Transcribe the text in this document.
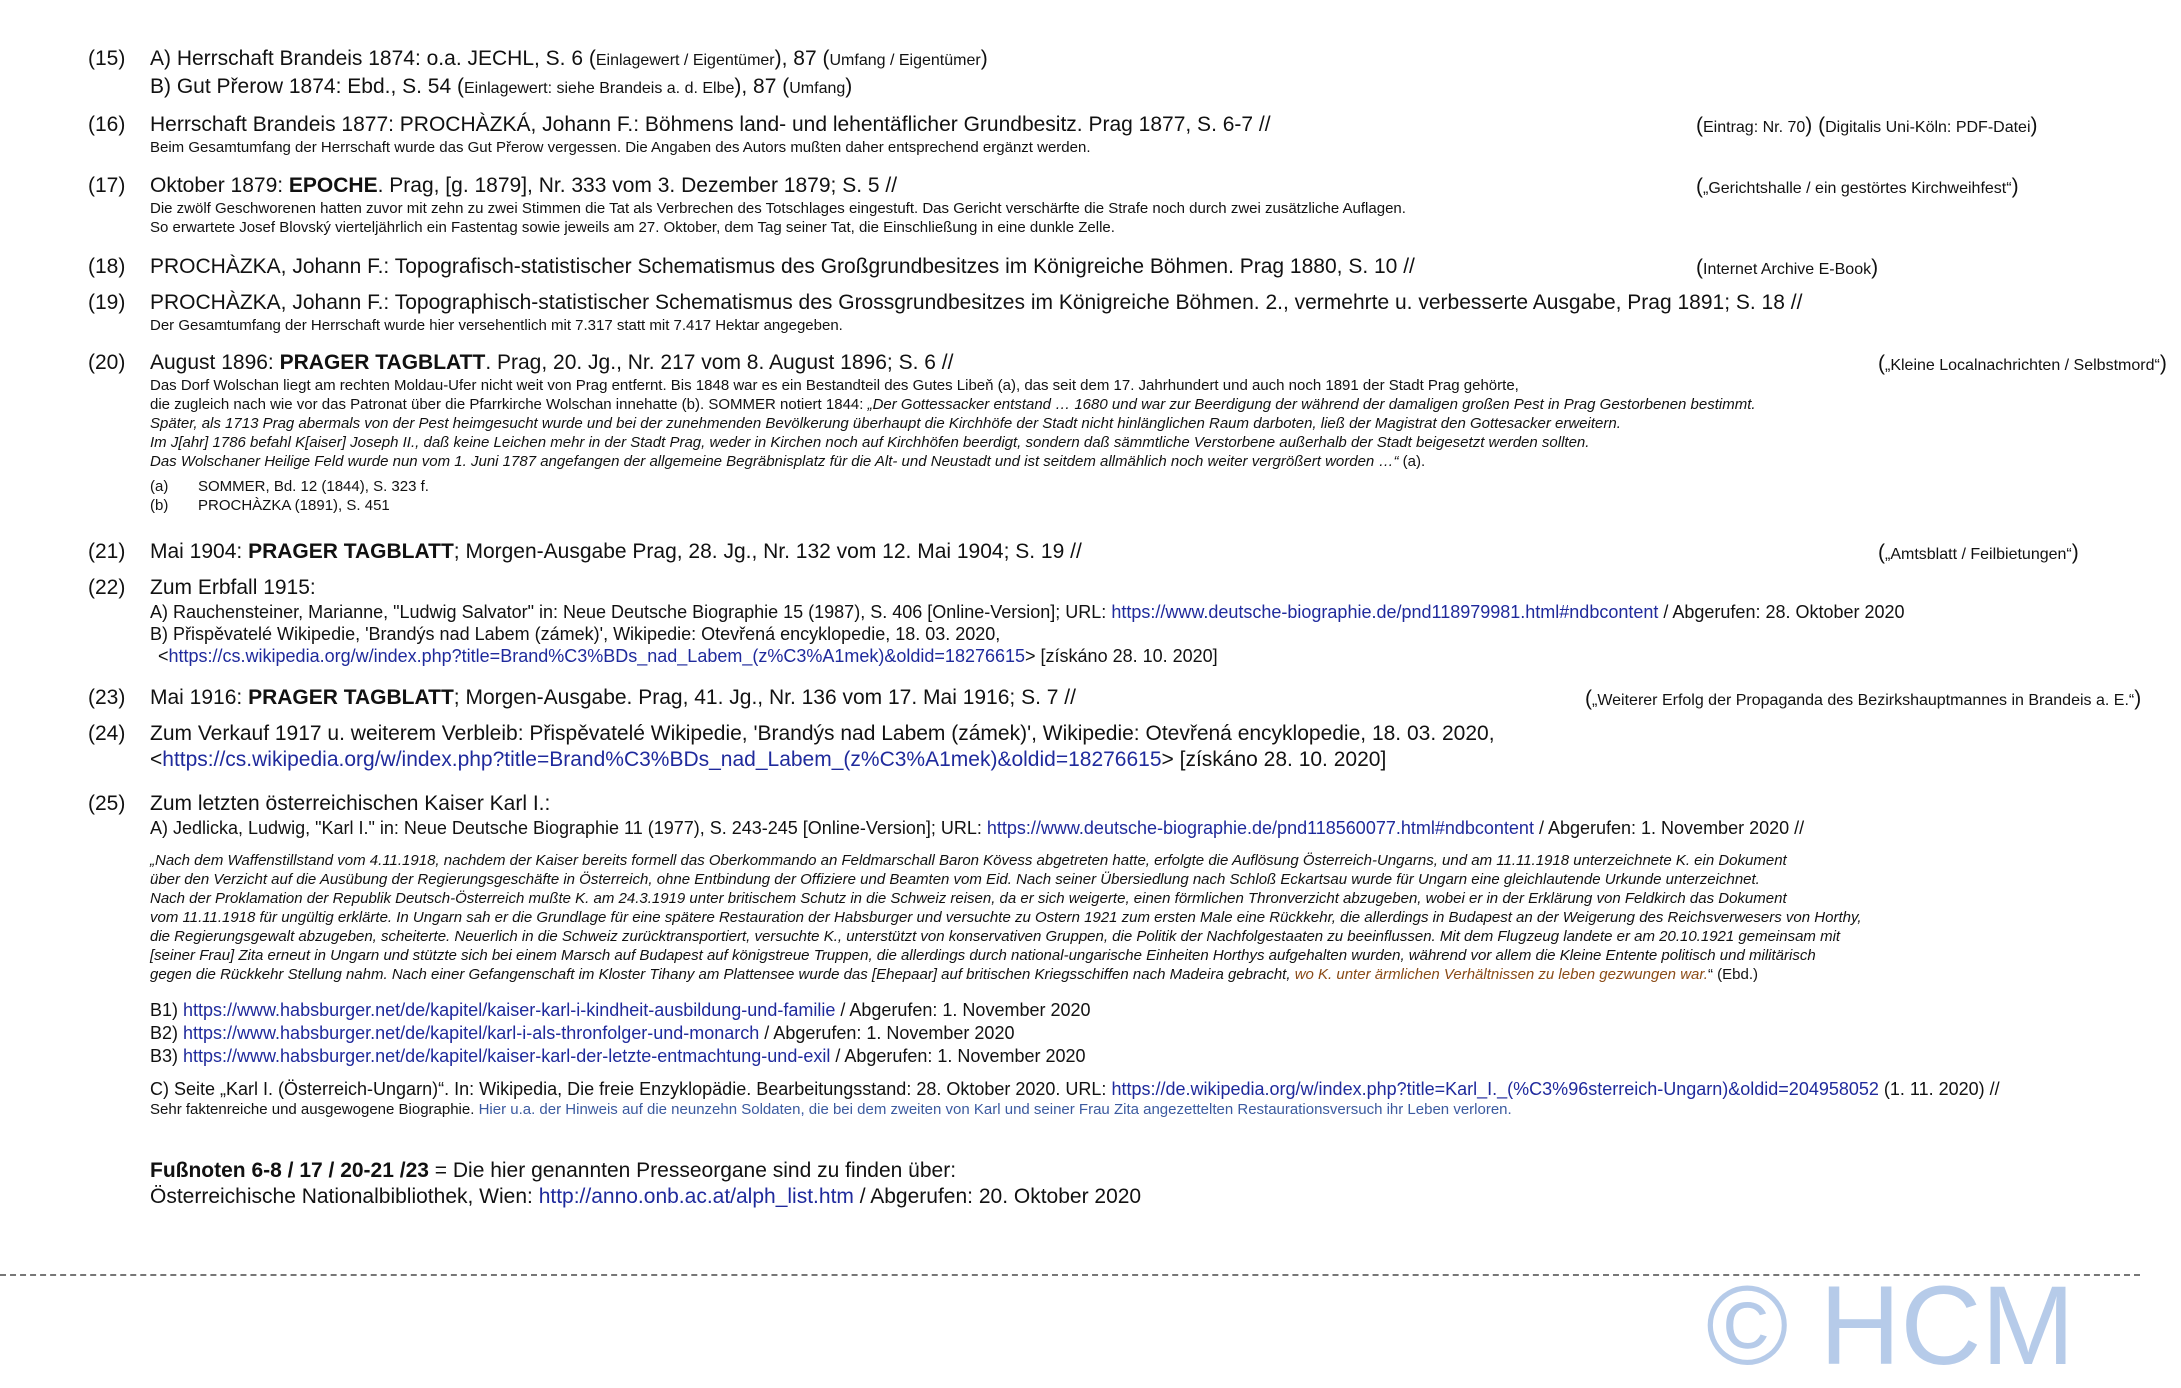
(15) A) Herrschaft Brandeis 1874: o.a. JECHL, S. 6 (Einlagewert / Eigentümer), 87 (Umfang / Eigentümer)
B) Gut Přerow 1874: Ebd., S. 54 (Einlagewert: siehe Brandeis a. d. Elbe), 87 (Umfang)
(16) Herrschaft Brandeis 1877: PROCHÀZKÁ, Johann F.: Böhmens land- und lehentäflicher Grundbesitz. Prag 1877, S. 6-7 //
Beim Gesamtumfang der Herrschaft wurde das Gut Přerow vergessen. Die Angaben des Autors mußten daher entsprechend ergänzt werden.
(Eintrag: Nr. 70) (Digitalis Uni-Köln: PDF-Datei)
(17) Oktober 1879: EPOCHE. Prag, [g. 1879], Nr. 333 vom 3. Dezember 1879; S. 5 //
Die zwölf Geschworenen hatten zuvor mit zehn zu zwei Stimmen die Tat als Verbrechen des Totschlages eingestuft. Das Gericht verschärfte die Strafe noch durch zwei zusätzliche Auflagen.
So erwartete Josef Blovský vierteljährlich ein Fastentag sowie jeweils am 27. Oktober, dem Tag seiner Tat, die Einschließung in eine dunkle Zelle.
(„Gerichtshalle / ein gestörtes Kirchweihfest“)
(18) PROCHÀZKA, Johann F.: Topografisch-statistischer Schematismus des Großgrundbesitzes im Königreiche Böhmen. Prag 1880, S. 10 //	(Internet Archive E-Book)
(19) PROCHÀZKA, Johann F.: Topographisch-statistischer Schematismus des Grossgrundbesitzes im Königreiche Böhmen. 2., vermehrte u. verbesserte Ausgabe, Prag 1891; S. 18 //
Der Gesamtumfang der Herrschaft wurde hier versehentlich mit 7.317 statt mit 7.417 Hektar angegeben.
(20) August 1896: PRAGER TAGBLATT. Prag, 20. Jg., Nr. 217 vom 8. August 1896; S. 6 //
Das Dorf Wolschan liegt am rechten Moldau-Ufer nicht weit von Prag entfernt. Bis 1848 war es ein Bestandteil des Gutes Libeň (a), das seit dem 17. Jahrhundert und auch noch 1891 der Stadt Prag gehörte,
die zugleich nach wie vor das Patronat über die Pfarrkirche Wolschan innehatte (b). SOMMER notiert 1844: „Der Gottessacker entstand … 1680 und war zur Beerdigung der während der damaligen großen Pest in Prag Gestorbenen bestimmt.
Später, als 1713 Prag abermals von der Pest heimgesucht wurde und bei der zunehmenden Bevölkerung überhaupt die Kirchhöfe der Stadt nicht hinlänglichen Raum darboten, ließ der Magistrat den Gottesacker erweitern.
Im J[ahr] 1786 befahl K[aiser] Joseph II., daß keine Leichen mehr in der Stadt Prag, weder in Kirchen noch auf Kirchhöfen beerdigt, sondern daß sämmtliche Verstorbene außerhalb der Stadt beigesetzt werden sollten.
Das Wolschaner Heilige Feld wurde nun vom 1. Juni 1787 angefangen der allgemeine Begräbnisplatz für die Alt- und Neustadt und ist seitdem allmählich noch weiter vergrößert worden …“ (a).
(a) SOMMER, Bd. 12 (1844), S. 323 f.
(b) PROCHÀZKA (1891), S. 451
(„Kleine Localnachrichten / Selbstmord“)
(21) Mai 1904: PRAGER TAGBLATT; Morgen-Ausgabe Prag, 28. Jg., Nr. 132 vom 12. Mai 1904; S. 19 //	(„Amtsblatt / Feilbietungen“)
(22) Zum Erbfall 1915:
A) Rauchensteiner, Marianne, "Ludwig Salvator" in: Neue Deutsche Biographie 15 (1987), S. 406 [Online-Version]; URL: https://www.deutsche-biographie.de/pnd118979981.html#ndbcontent / Abgerufen: 28. Oktober 2020
B) Přispěvatelé Wikipedie, 'Brandýs nad Labem (zámek)', Wikipedie: Otevřená encyklopedie, 18. 03. 2020,
<https://cs.wikipedia.org/w/index.php?title=Brand%C3%BDs_nad_Labem_(z%C3%A1mek)&oldid=18276615> [získáno 28. 10. 2020]
(23) Mai 1916: PRAGER TAGBLATT; Morgen-Ausgabe. Prag, 41. Jg., Nr. 136 vom 17. Mai 1916; S. 7 //	(„Weiterer Erfolg der Propaganda des Bezirkshauptmannes in Brandeis a. E.“)
(24) Zum Verkauf 1917 u. weiterem Verbleib: Přispěvatelé Wikipedie, 'Brandýs nad Labem (zámek)', Wikipedie: Otevřená encyklopedie, 18. 03. 2020,
<https://cs.wikipedia.org/w/index.php?title=Brand%C3%BDs_nad_Labem_(z%C3%A1mek)&oldid=18276615> [získáno 28. 10. 2020]
(25) Zum letzten österreichischen Kaiser Karl I.:
A) Jedlicka, Ludwig, "Karl I." in: Neue Deutsche Biographie 11 (1977), S. 243-245 [Online-Version]; URL: https://www.deutsche-biographie.de/pnd118560077.html#ndbcontent / Abgerufen: 1. November 2020 //
„Nach dem Waffenstillstand vom 4.11.1918, nachdem der Kaiser bereits formell das Oberkommando an Feldmarschall Baron Kövess abgetreten hatte, erfolgte die Auflösung Österreich-Ungarns, und am 11.11.1918 unterzeichnete K. ein Dokument
über den Verzicht auf die Ausübung der Regierungsgeschäfte in Österreich, ohne Entbindung der Offiziere und Beamten vom Eid. Nach seiner Übersiedlung nach Schloß Eckartsau wurde für Ungarn eine gleichlautende Urkunde unterzeichnet.
Nach der Proklamation der Republik Deutsch-Österreich mußte K. am 24.3.1919 unter britischem Schutz in die Schweiz reisen, da er sich weigerte, einen förmlichen Thronverzicht abzugeben, wobei er in der Erklärung von Feldkirch das Dokument
vom 11.11.1918 für ungültig erklärte. In Ungarn sah er die Grundlage für eine spätere Restauration der Habsburger und versuchte zu Ostern 1921 zum ersten Male eine Rückkehr, die allerdings in Budapest an der Weigerung des Reichsverwesers von Horthy,
die Regierungsgewalt abzugeben, scheiterte. Neuerlich in die Schweiz zurücktransportiert, versuchte K., unterstützt von konservativen Gruppen, die Politik der Nachfolgestaaten zu beeinflussen. Mit dem Flugzeug landete er am 20.10.1921 gemeinsam mit
[seiner Frau] Zita erneut in Ungarn und stützte sich bei einem Marsch auf Budapest auf königstreue Truppen, die allerdings durch national-ungarische Einheiten Horthys aufgehalten wurden, während vor allem die Kleine Entente politisch und militärisch
gegen die Rückkehr Stellung nahm. Nach einer Gefangenschaft im Kloster Tihany am Plattensee wurde das [Ehepaar] auf britischen Kriegsschiffen nach Madeira gebracht, wo K. unter ärmlichen Verhältnissen zu leben gezwungen war.“ (Ebd.)
B1) https://www.habsburger.net/de/kapitel/kaiser-karl-i-kindheit-ausbildung-und-familie / Abgerufen: 1. November 2020
B2) https://www.habsburger.net/de/kapitel/karl-i-als-thronfolger-und-monarch / Abgerufen: 1. November 2020
B3) https://www.habsburger.net/de/kapitel/kaiser-karl-der-letzte-entmachtung-und-exil / Abgerufen: 1. November 2020
C) Seite „Karl I. (Österreich-Ungarn)“. In: Wikipedia, Die freie Enzyklopädie. Bearbeitungsstand: 28. Oktober 2020. URL: https://de.wikipedia.org/w/index.php?title=Karl_I._(%C3%96sterreich-Ungarn)&oldid=204958052 (1. 11. 2020) //
Sehr faktenreiche und ausgewogene Biographie. Hier u.a. der Hinweis auf die neunzehn Soldaten, die bei dem zweiten von Karl und seiner Frau Zita angezettelten Restaurationsversuch ihr Leben verloren.
Fußnoten 6-8 / 17 / 20-21 /23 = Die hier genannten Presseorgane sind zu finden über:
Österreichische Nationalbibliothek, Wien: http://anno.onb.ac.at/alph_list.htm / Abgerufen: 20. Oktober 2020
© HCM
